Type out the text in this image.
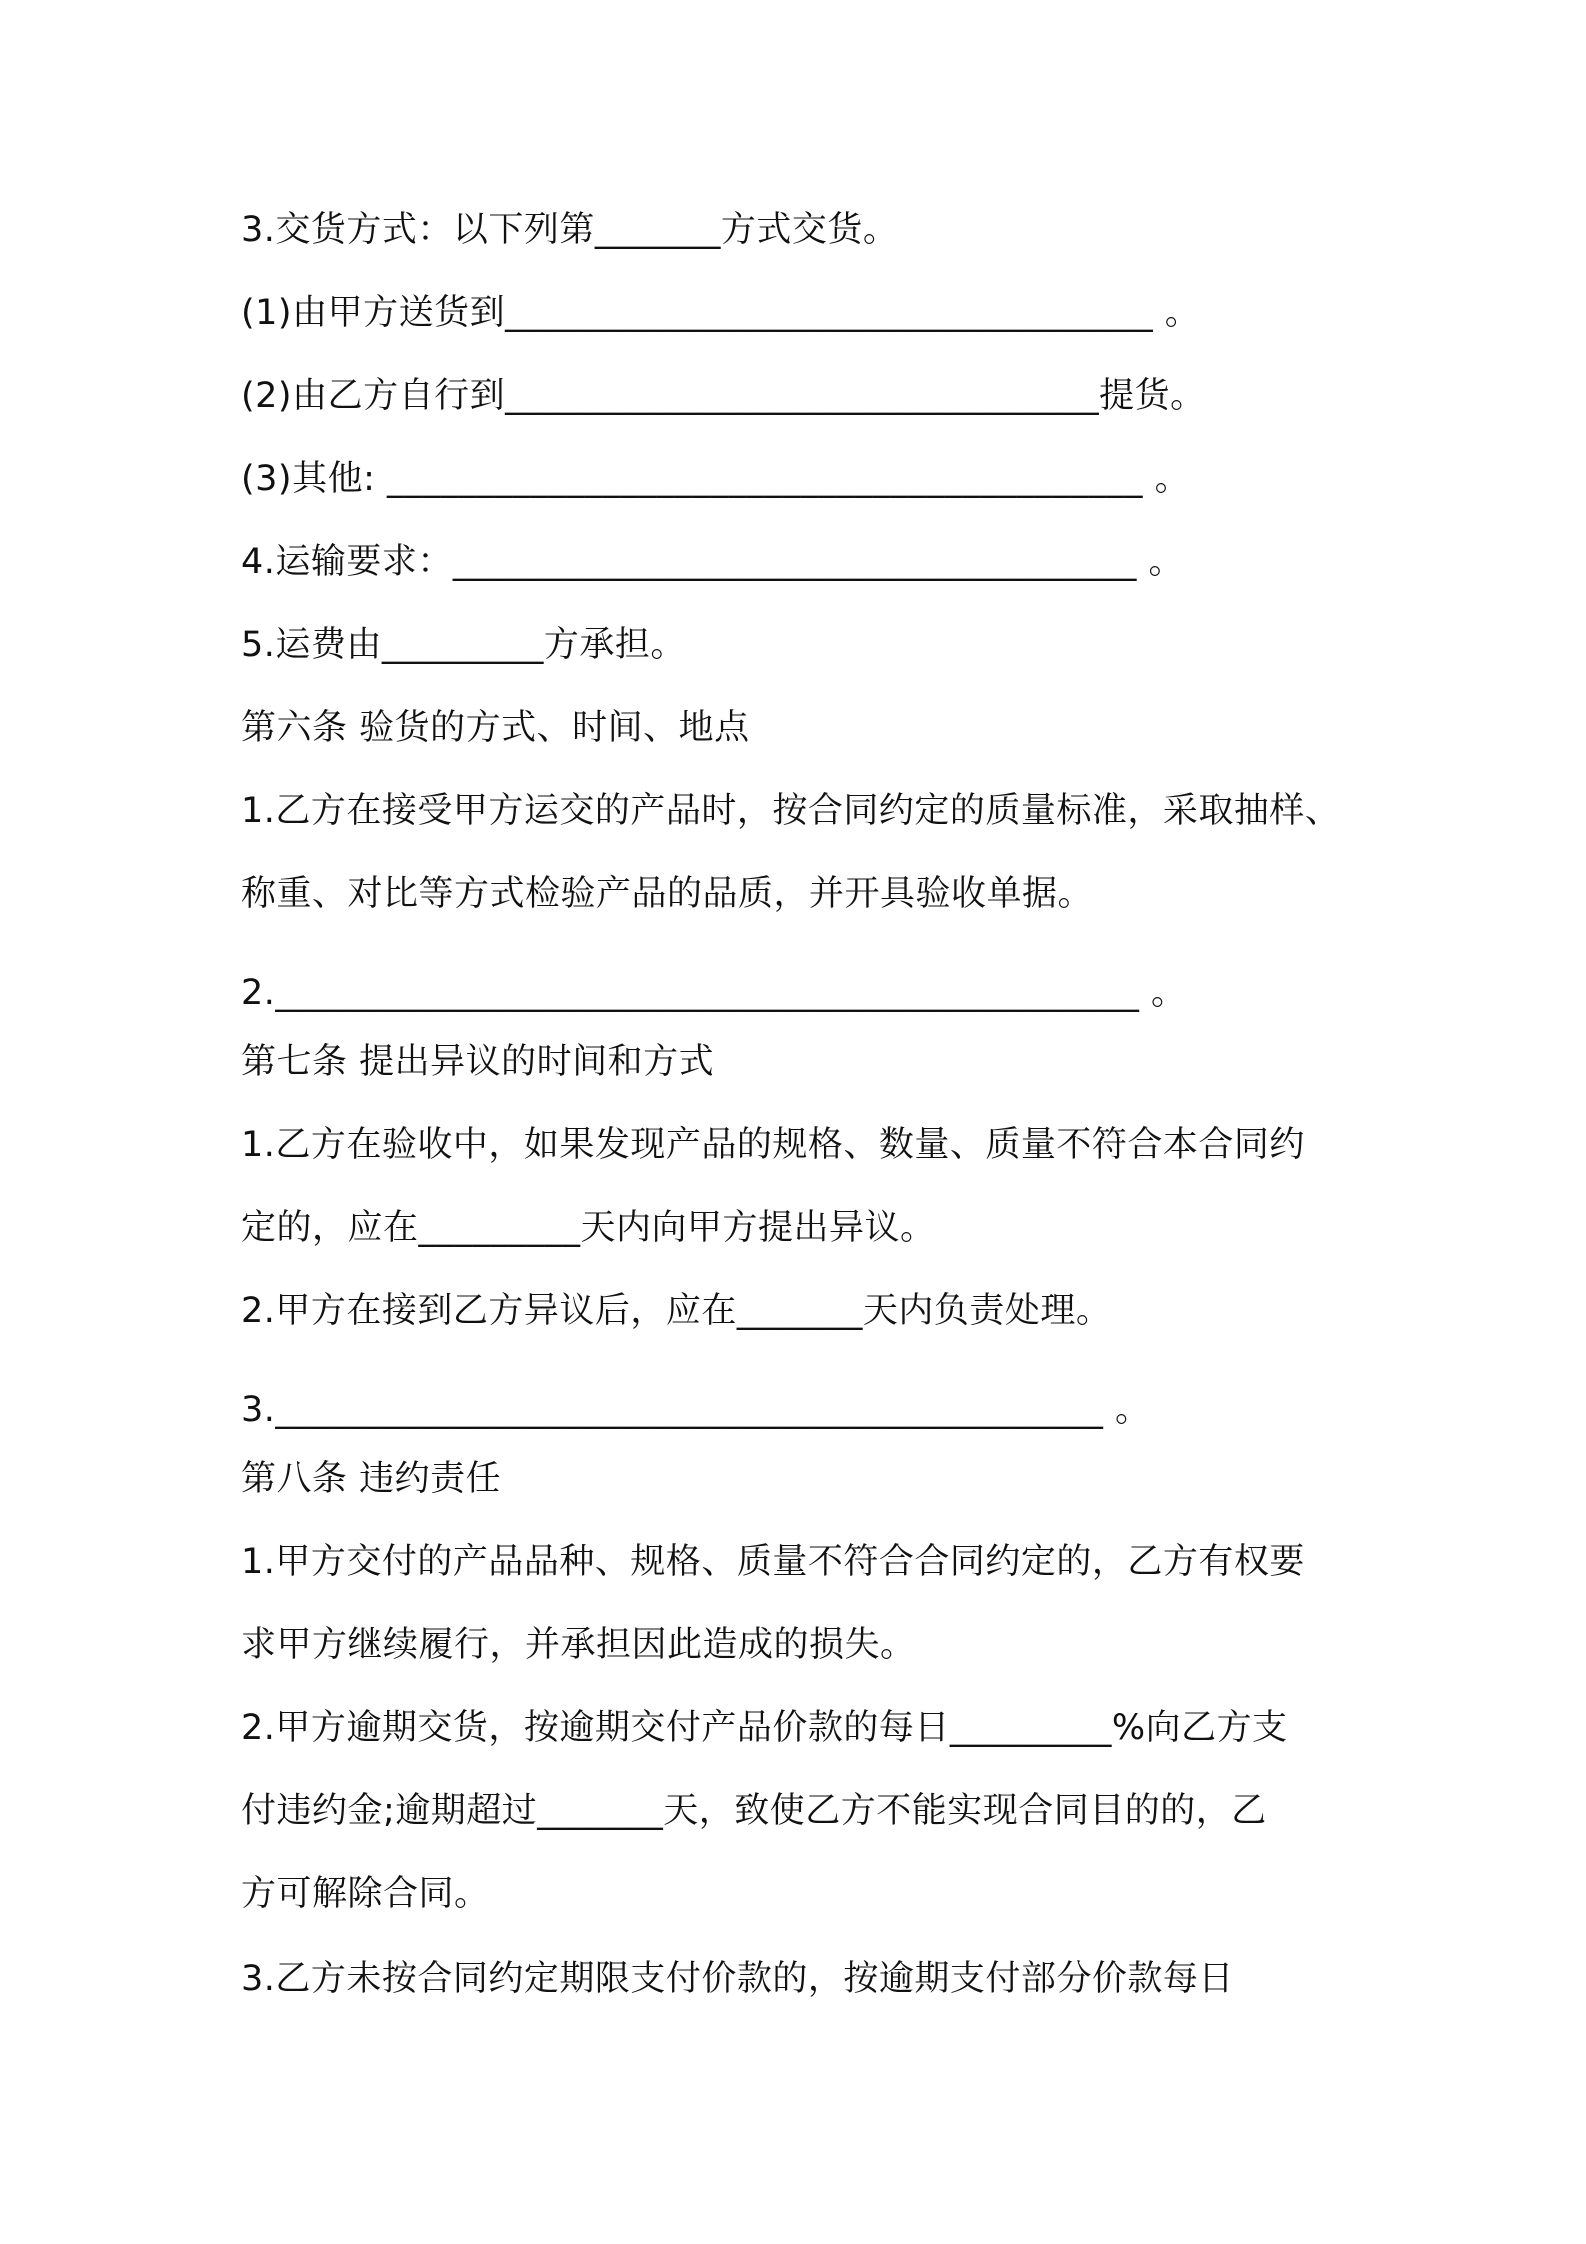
3.交货方式：以下列第_______方式交货。

(1)由甲方送货到____________________________________ 。

(2)由乙方自行到_________________________________提货。

(3)其他: __________________________________________ 。

4.运输要求：______________________________________ 。

5.运费由_________方承担。

第六条 验货的方式、时间、地点

1.乙方在接受甲方运交的产品时，按合同约定的质量标准，采取抽样、

称重、对比等方式检验产品的品质，并开具验收单据。

2.________________________________________________ 。

第七条 提出异议的时间和方式

1.乙方在验收中，如果发现产品的规格、数量、质量不符合本合同约

定的，应在_________天内向甲方提出异议。

2.甲方在接到乙方异议后，应在_______天内负责处理。

3.______________________________________________ 。

第八条 违约责任

1.甲方交付的产品品种、规格、质量不符合合同约定的，乙方有权要

求甲方继续履行，并承担因此造成的损失。

2.甲方逾期交货，按逾期交付产品价款的每日_________%向乙方支

付违约金;逾期超过_______天，致使乙方不能实现合同目的的，乙

方可解除合同。

3.乙方未按合同约定期限支付价款的，按逾期支付部分价款每日
